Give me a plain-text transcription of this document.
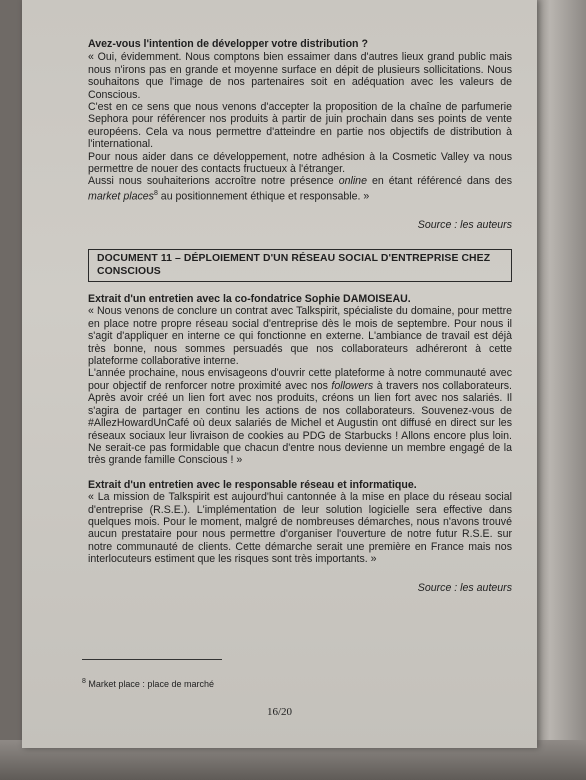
Avez-vous l'intention de développer votre distribution ?

« Oui, évidemment. Nous comptons bien essaimer dans d'autres lieux grand public mais nous n'irons pas en grande et moyenne surface en dépit de plusieurs sollicitations. Nous souhaitons que l'image de nos partenaires soit en adéquation avec les valeurs de Conscious.

C'est en ce sens que nous venons d'accepter la proposition de la chaîne de parfumerie Sephora pour référencer nos produits à partir de juin prochain dans ses points de vente européens. Cela va nous permettre d'atteindre en partie nos objectifs de distribution à l'international.

Pour nous aider dans ce développement, notre adhésion à la Cosmetic Valley va nous permettre de nouer des contacts fructueux à l'étranger.

Aussi nous souhaiterions accroître notre présence online en étant référencé dans des market places$^8$ au positionnement éthique et responsable. »

Source : les auteurs

DOCUMENT 11 – DÉPLOIEMENT D'UN RÉSEAU SOCIAL D'ENTREPRISE CHEZ CONSCIOUS

Extrait d'un entretien avec la co-fondatrice Sophie DAMOISEAU.

« Nous venons de conclure un contrat avec Talkspirit, spécialiste du domaine, pour mettre en place notre propre réseau social d'entreprise dès le mois de septembre. Pour nous il s'agit d'appliquer en interne ce qui fonctionne en externe. L'ambiance de travail est déjà très bonne, nous sommes persuadés que nos collaborateurs adhéreront à cette plateforme collaborative interne.

L'année prochaine, nous envisageons d'ouvrir cette plateforme à notre communauté avec pour objectif de renforcer notre proximité avec nos followers à travers nos collaborateurs. Après avoir créé un lien fort avec nos produits, créons un lien fort avec nos salariés. Il s'agira de partager en continu les actions de nos collaborateurs. Souvenez-vous de #AllezHowardUnCafé où deux salariés de Michel et Augustin ont diffusé en direct sur les réseaux sociaux leur livraison de cookies au PDG de Starbucks ! Allons encore plus loin. Ne serait-ce pas formidable que chacun d'entre nous devienne un membre engagé de la très grande famille Conscious ! »

Extrait d'un entretien avec le responsable réseau et informatique.

« La mission de Talkspirit est aujourd'hui cantonnée à la mise en place du réseau social d'entreprise (R.S.E.). L'implémentation de leur solution logicielle sera effective dans quelques mois. Pour le moment, malgré de nombreuses démarches, nous n'avons trouvé aucun prestataire pour nous permettre d'organiser l'ouverture de notre futur R.S.E. sur notre communauté de clients. Cette démarche serait une première en France mais nos interlocuteurs estiment que les risques sont très importants. »

Source : les auteurs

$^8$ Market place : place de marché
16/20
